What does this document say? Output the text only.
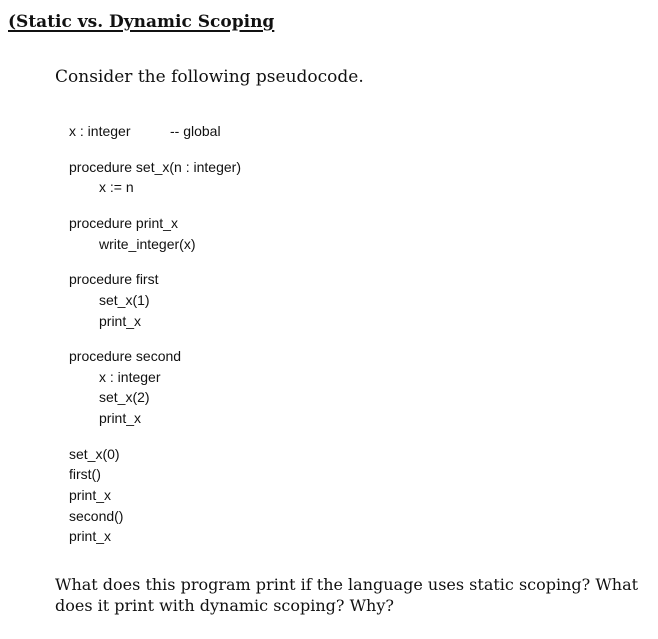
(Static vs. Dynamic Scoping
Consider the following pseudocode.
x : integer	-- global
procedure set_x(n : integer)
x := n
procedure print_x
write_integer(x)
procedure first
set_x(1)
print_x
procedure second
x : integer
set_x(2)
print_x
set_x(0)
first()
print_x
second()
print_x
What does this program print if the language uses static scoping? What
does it print with dynamic scoping? Why?
